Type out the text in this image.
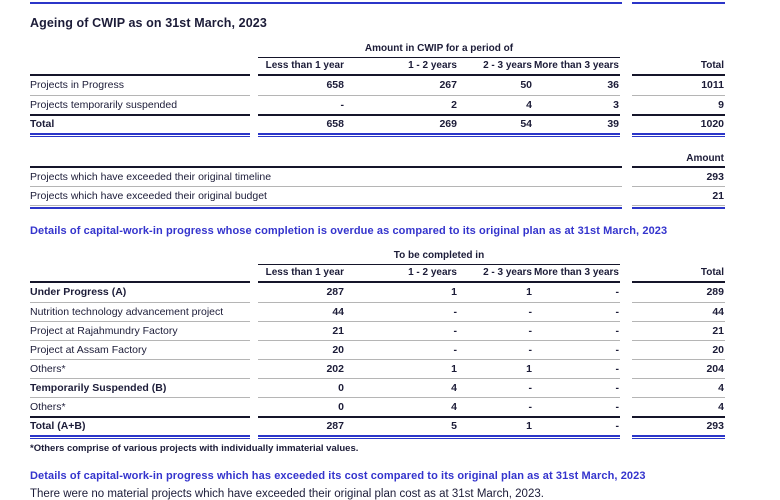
Ageing of CWIP as on 31st March, 2023
Amount in CWIP for a period of
Less than 1 year	1 - 2 years	2 - 3 years More than 3 years	Total
Projects in Progress	658	267	50	36	1011
Projects temporarily suspended	-	2	4	3	9
Total	658	269	54	39	1020
Amount
Projects which have exceeded their original timeline	293
Projects which have exceeded their original budget	21
Details of capital-work-in progress whose completion is overdue as compared to its original plan as at 31st March, 2023
To be completed in
Less than 1 year	1 - 2 years	2 - 3 years More than 3 years	Total
Under Progress (A)	287	1	1	-	289
Nutrition technology advancement project	44	-	-	-	44
Project at Rajahmundry Factory	21	-	-	-	21
Project at Assam Factory	20	-	-	-	20
Others*	202	1	1	-	204
Temporarily Suspended (B)	0	4	-	-	4
Others*	0	4	-	-	4
Total (A+B)	287	5	1	-	293
*Others comprise of various projects with individually immaterial values.
Details of capital-work-in progress which has exceeded its cost compared to its original plan as at 31st March, 2023

There were no material projects which have exceeded their original plan cost as at 31st March, 2023.
